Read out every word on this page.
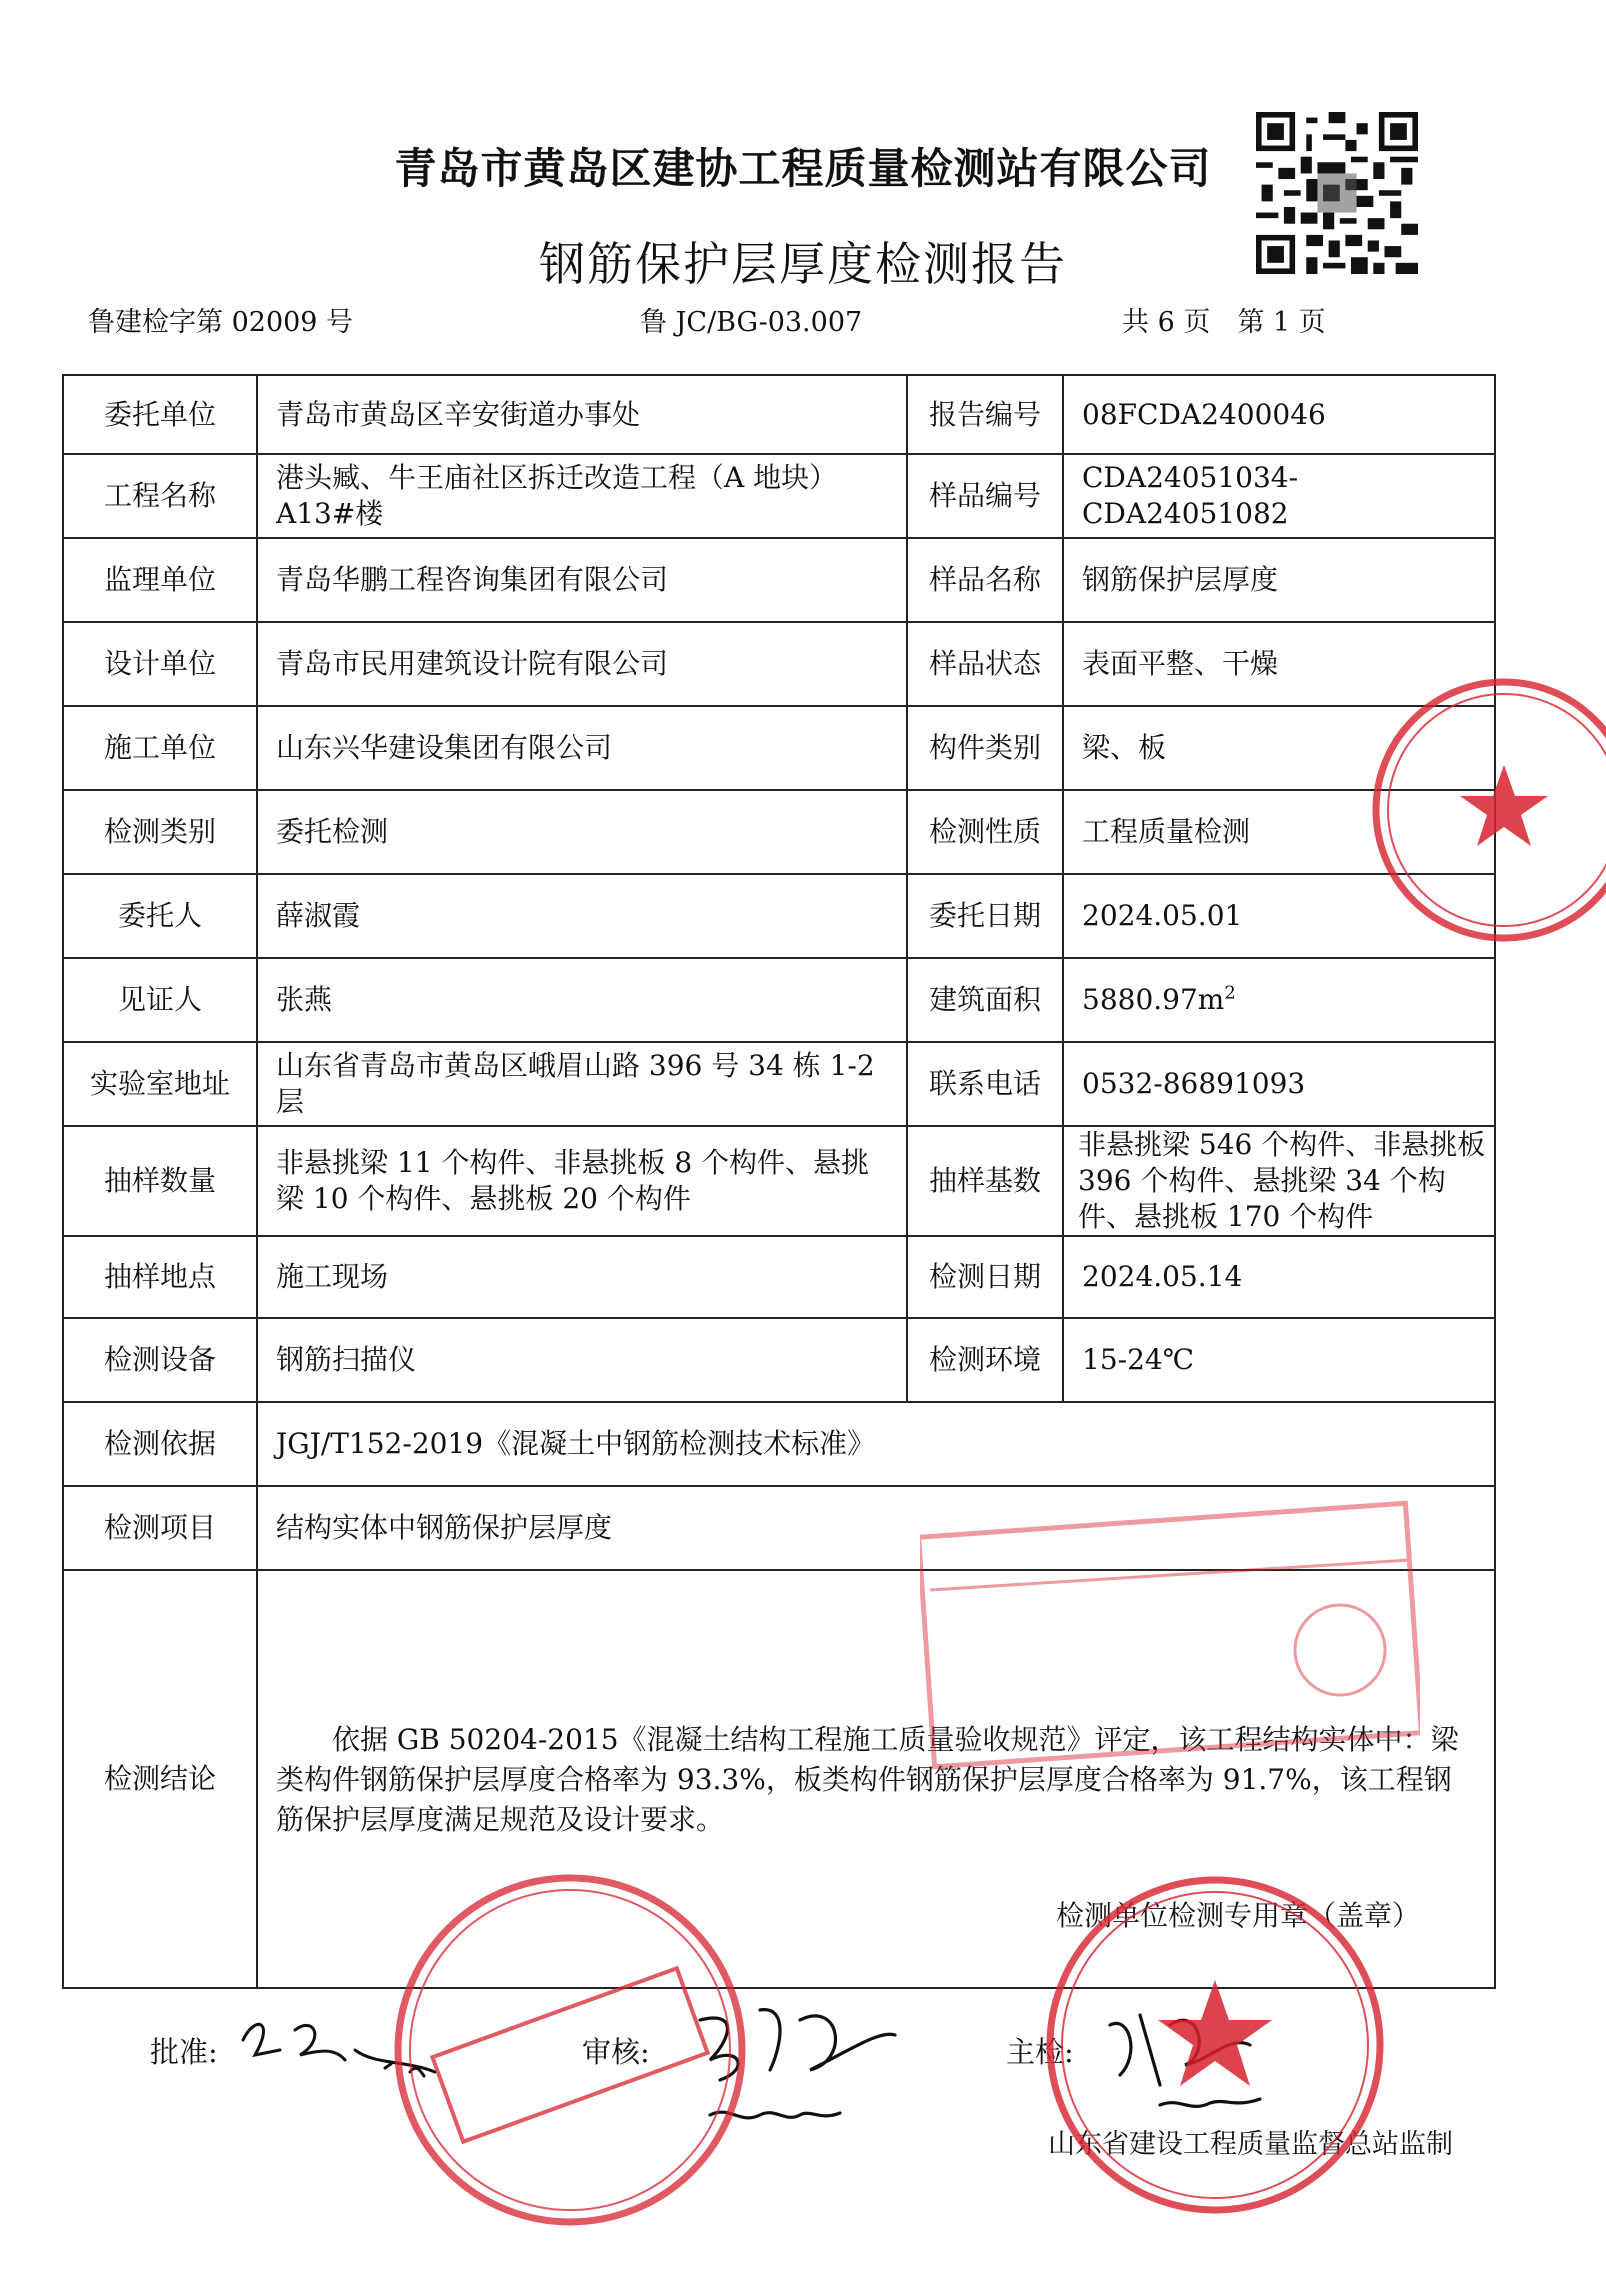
青岛市黄岛区建协工程质量检测站有限公司
钢筋保护层厚度检测报告
鲁建检字第 02009 号	鲁 JC/BG-03.007	共 6 页　第 1 页
委托单位	青岛市黄岛区辛安街道办事处	报告编号	08FCDA2400046
工程名称	港头臧、牛王庙社区拆迁改造工程（A 地块）A13#楼	样品编号	CDA24051034- CDA24051082
监理单位	青岛华鹏工程咨询集团有限公司	样品名称	钢筋保护层厚度
设计单位	青岛市民用建筑设计院有限公司	样品状态	表面平整、干燥
施工单位	山东兴华建设集团有限公司	构件类别	梁、板
检测类别	委托检测	检测性质	工程质量检测
委托人	薛淑霞	委托日期	2024.05.01
见证人	张燕	建筑面积	$5880.97m^2$
实验室地址	山东省青岛市黄岛区峨眉山路 396 号 34 栋 1-2 层	联系电话	0532-86891093
抽样数量	非悬挑梁 11 个构件、非悬挑板 8 个构件、悬挑梁 10 个构件、悬挑板 20 个构件	抽样基数	非悬挑梁 546 个构件、非悬挑板 396 个构件、悬挑梁 34 个构件、悬挑板 170 个构件
抽样地点	施工现场	检测日期	2024.05.14
检测设备	钢筋扫描仪	检测环境	15-24℃
检测依据	JGJ/T152-2019《混凝土中钢筋检测技术标准》		
检测项目	结构实体中钢筋保护层厚度		
检测结论	依据 GB 50204-2015《混凝土结构工程施工质量验收规范》评定，该工程结构实体中：梁类构件钢筋保护层厚度合格率为 93.3%，板类构件钢筋保护层厚度合格率为 91.7%，该工程钢筋保护层厚度满足规范及设计要求。
检测单位检测专用章（盖章）		
批准:	审核:	主检:
山东省建设工程质量监督总站监制
